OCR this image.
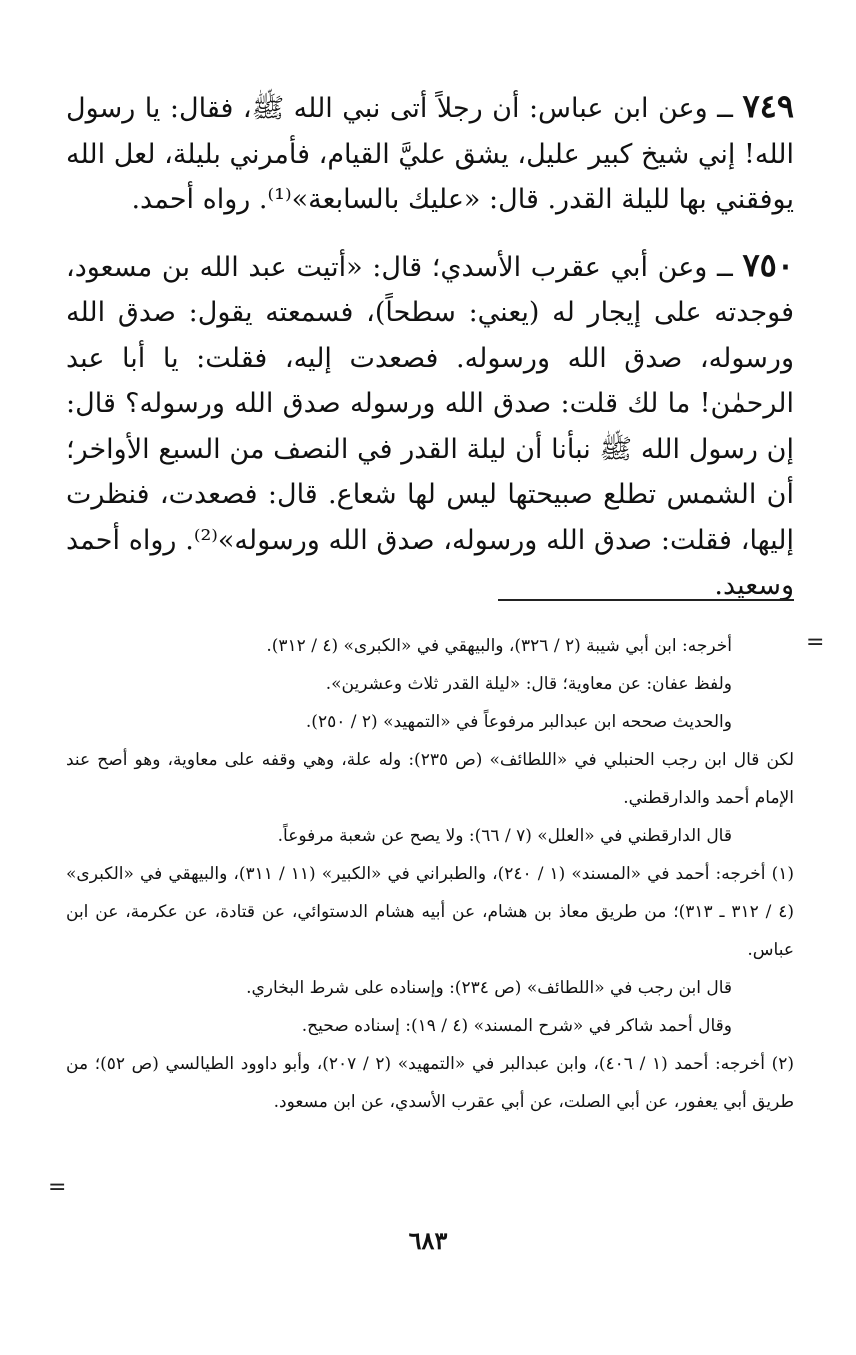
٧٤٩ ــ وعن ابن عباس: أن رجلاً أتى نبي الله ﷺ، فقال: يا رسول الله! إني شيخ كبير عليل، يشق عليَّ القيام، فأمرني بليلة، لعل الله يوفقني بها لليلة القدر. قال: «عليك بالسابعة»⁽¹⁾. رواه أحمد.

٧٥٠ ــ وعن أبي عقرب الأسدي؛ قال: «أتيت عبد الله بن مسعود، فوجدته على إيجار له (يعني: سطحاً)، فسمعته يقول: صدق الله ورسوله، صدق الله ورسوله. فصعدت إليه، فقلت: يا أبا عبد الرحمٰن! ما لك قلت: صدق الله ورسوله صدق الله ورسوله؟ قال: إن رسول الله ﷺ نبأنا أن ليلة القدر في النصف من السبع الأواخر؛ أن الشمس تطلع صبيحتها ليس لها شعاع. قال: فصعدت، فنظرت إليها، فقلت: صدق الله ورسوله، صدق الله ورسوله»⁽²⁾. رواه أحمد وسعيد.

=

أخرجه: ابن أبي شيبة (٢ / ٣٢٦)، والبيهقي في «الكبرى» (٤ / ٣١٢).

ولفظ عفان: عن معاوية؛ قال: «ليلة القدر ثلاث وعشرين».

والحديث صححه ابن عبدالبر مرفوعاً في «التمهيد» (٢ / ٢٥٠).

لكن قال ابن رجب الحنبلي في «اللطائف» (ص ٢٣٥): وله علة، وهي وقفه على معاوية، وهو أصح عند الإمام أحمد والدارقطني.

قال الدارقطني في «العلل» (٧ / ٦٦): ولا يصح عن شعبة مرفوعاً.

(١) أخرجه: أحمد في «المسند» (١ / ٢٤٠)، والطبراني في «الكبير» (١١ / ٣١١)، والبيهقي في «الكبرى» (٤ / ٣١٢ ـ ٣١٣)؛ من طريق معاذ بن هشام، عن أبيه هشام الدستوائي، عن قتادة، عن عكرمة، عن ابن عباس.

قال ابن رجب في «اللطائف» (ص ٢٣٤): وإسناده على شرط البخاري.

وقال أحمد شاكر في «شرح المسند» (٤ / ١٩): إسناده صحيح.

(٢) أخرجه: أحمد (١ / ٤٠٦)، وابن عبدالبر في «التمهيد» (٢ / ٢٠٧)، وأبو داوود الطيالسي (ص ٥٢)؛ من طريق أبي يعفور، عن أبي الصلت، عن أبي عقرب الأسدي، عن ابن مسعود.

=
٦٨٣
